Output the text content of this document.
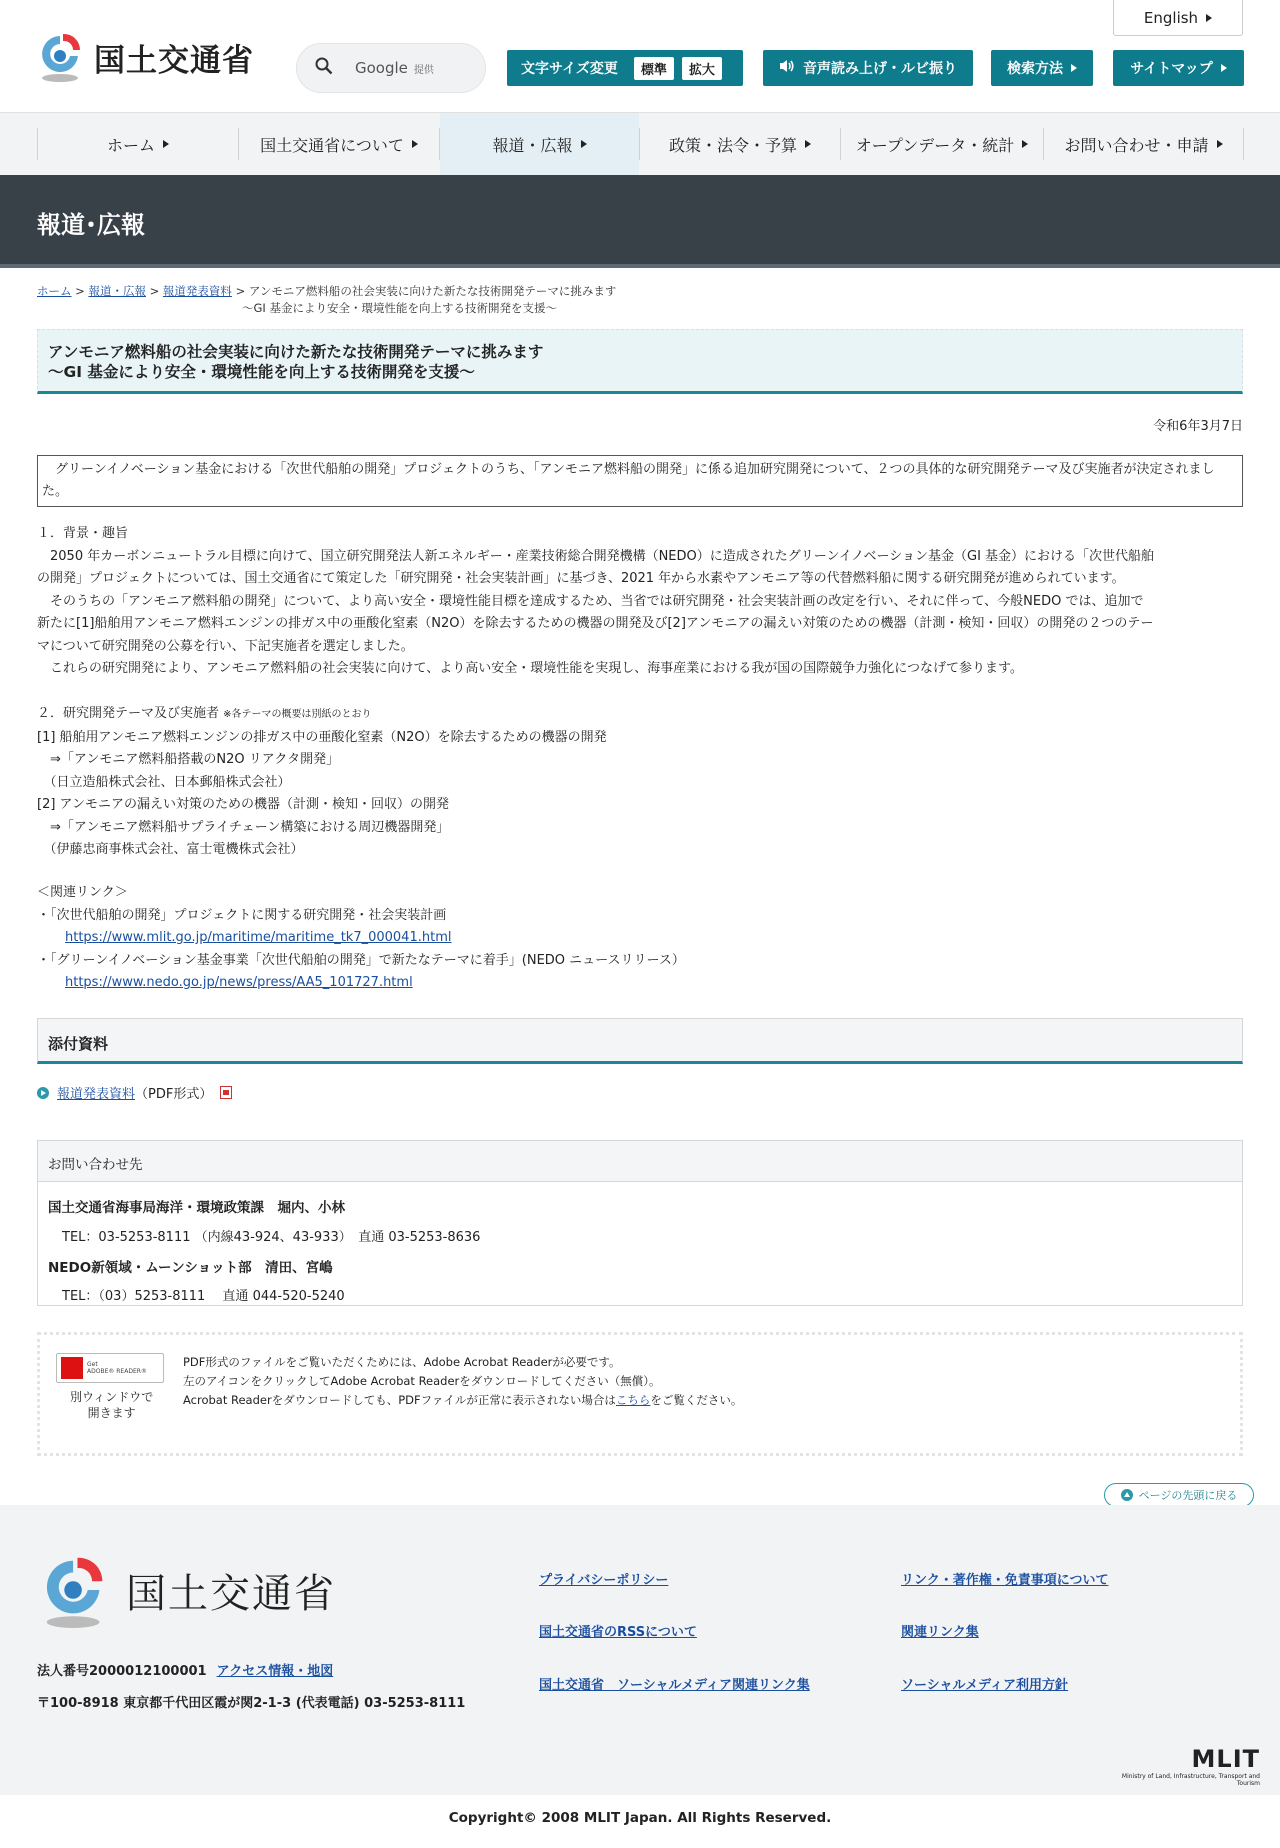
国土交通省	Google 提供
English
文字サイズ変更	標準	拡大	音声読み上げ・ルビ振り	検索方法	サイトマップ
ホーム	国土交通省について	報道・広報	政策・法令・予算	オープンデータ・統計	お問い合わせ・申請
報道･広報
ホーム > 報道・広報 > 報道発表資料 > アンモニア燃料船の社会実装に向けた新たな技術開発テーマに挑みます
～GI 基金により安全・環境性能を向上する技術開発を支援～

アンモニア燃料船の社会実装に向けた新たな技術開発テーマに挑みます

～GI 基金により安全・環境性能を向上する技術開発を支援～

令和6年3月7日
グリーンイノベーション基金における「次世代船舶の開発」プロジェクトのうち、「アンモニア燃料船の開発」に係る追加研究開発について、２つの具体的な研究開発テーマ及び実施者が決定されました。

１．背景・趣旨

　2050 年カーボンニュートラル目標に向けて、国立研究開発法人新エネルギー・産業技術総合開発機構（NEDO）に造成されたグリーンイノベーション基金（GI 基金）における「次世代船舶

の開発」プロジェクトについては、国土交通省にて策定した「研究開発・社会実装計画」に基づき、2021 年から水素やアンモニア等の代替燃料船に関する研究開発が進められています。

　そのうちの「アンモニア燃料船の開発」について、より高い安全・環境性能目標を達成するため、当省では研究開発・社会実装計画の改定を行い、それに伴って、今般NEDO では、追加で

新たに[1]船舶用アンモニア燃料エンジンの排ガス中の亜酸化窒素（N2O）を除去するための機器の開発及び[2]アンモニアの漏えい対策のための機器（計測・検知・回収）の開発の２つのテー

マについて研究開発の公募を行い、下記実施者を選定しました。

　これらの研究開発により、アンモニア燃料船の社会実装に向けて、より高い安全・環境性能を実現し、海事産業における我が国の国際競争力強化につなげて参ります。

２．研究開発テーマ及び実施者 ※各テーマの概要は別紙のとおり

[1] 船舶用アンモニア燃料エンジンの排ガス中の亜酸化窒素（N2O）を除去するための機器の開発

　⇒「アンモニア燃料船搭載のN2O リアクタ開発」

　（日立造船株式会社、日本郵船株式会社）

[2] アンモニアの漏えい対策のための機器（計測・検知・回収）の開発

　⇒「アンモニア燃料船サプライチェーン構築における周辺機器開発」

　（伊藤忠商事株式会社、富士電機株式会社）

＜関連リンク＞

・「次世代船舶の開発」プロジェクトに関する研究開発・社会実装計画

https://www.mlit.go.jp/maritime/maritime_tk7_000041.html

・「グリーンイノベーション基金事業「次世代船舶の開発」で新たなテーマに着手」(NEDO ニュースリリース）

https://www.nedo.go.jp/news/press/AA5_101727.html

添付資料
報道発表資料 （PDF形式）
お問い合わせ先
国土交通省海事局海洋・環境政策課　堀内、小林
TEL：03-5253-8111 （内線43-924、43-933）　直通 03-5253-8636
NEDO新領域・ムーンショット部　清田、宮嶋
TEL：（03）5253-8111　 直通 044-520-5240
Get
ADOBE® READER®
別ウィンドウで
開きます
PDF形式のファイルをご覧いただくためには、Adobe Acrobat Readerが必要です。
左のアイコンをクリックしてAdobe Acrobat Readerをダウンロードしてください（無償）。
Acrobat Readerをダウンロードしても、PDFファイルが正常に表示されない場合はこちらをご覧ください。
ページの先頭に戻る
国土交通省
法人番号2000012100001 アクセス情報・地図
〒100-8918 東京都千代田区霞が関2-1-3 (代表電話) 03-5253-8111
プライバシーポリシー	リンク・著作権・免責事項について
国土交通省のRSSについて	関連リンク集
国土交通省　ソーシャルメディア関連リンク集	ソーシャルメディア利用方針
MLIT
Ministry of Land, Infrastructure, Transport and Tourism
Copyright© 2008 MLIT Japan. All Rights Reserved.
